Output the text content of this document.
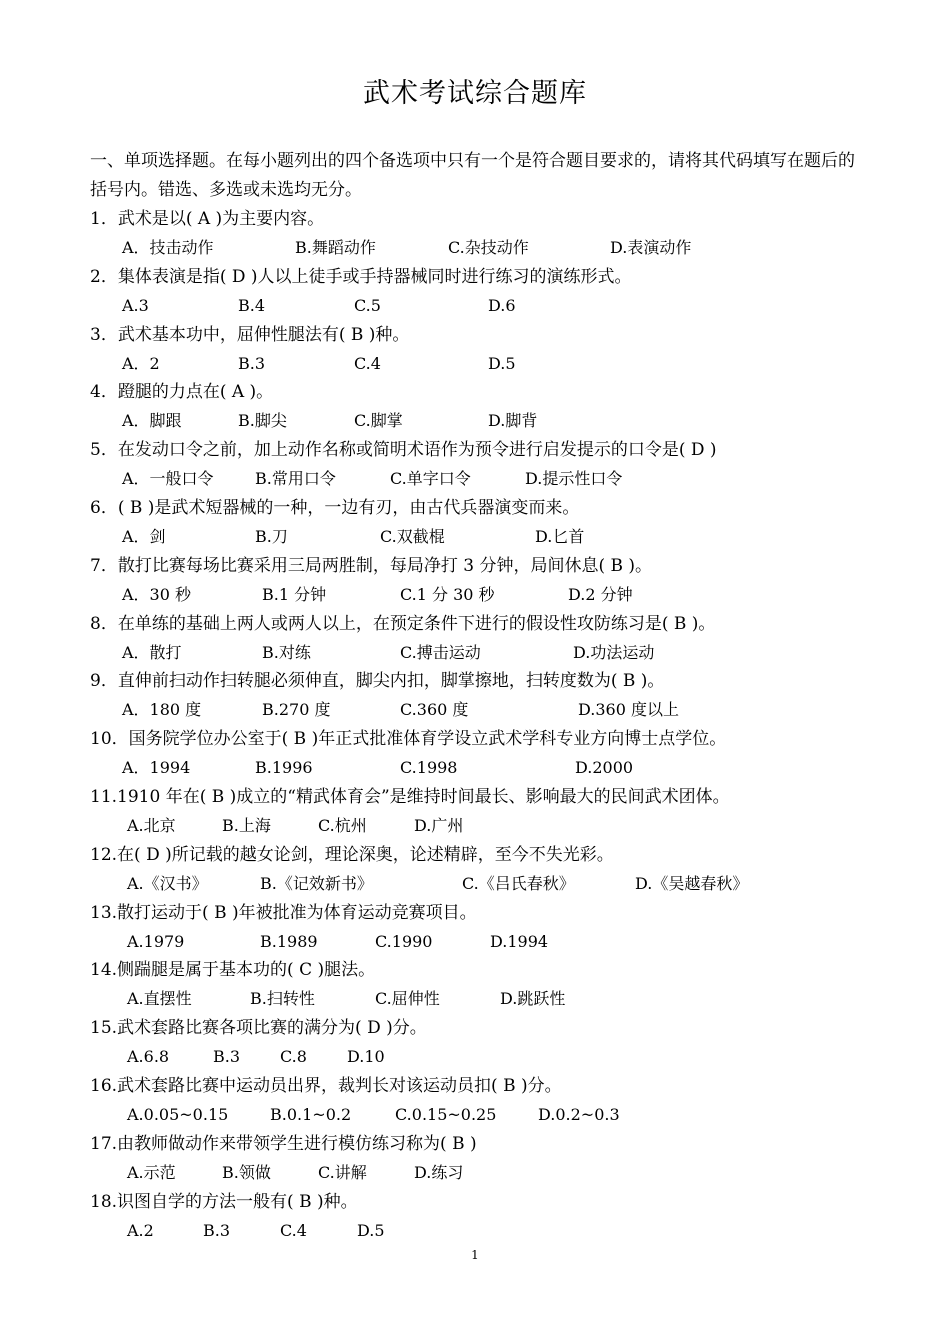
武术考试综合题库
一、单项选择题。在每小题列出的四个备选项中只有一个是符合题目要求的，请将其代码填写在题后的括号内。错选、多选或未选均无分。
1．武术是以( A )为主要内容。
A．技击动作	B.舞蹈动作	C.杂技动作	D.表演动作
2．集体表演是指( D )人以上徒手或手持器械同时进行练习的演练形式。
A.3	B.4	C.5	D.6
3．武术基本功中，屈伸性腿法有( B )种。
A．2	B.3	C.4	D.5
4．蹬腿的力点在( A )。
A．脚跟	B.脚尖	C.脚掌	D.脚背
5．在发动口令之前，加上动作名称或简明术语作为预令进行启发提示的口令是( D )
A．一般口令	B.常用口令	C.单字口令	D.提示性口令
6．( B )是武术短器械的一种，一边有刃，由古代兵器演变而来。
A．剑	B.刀	C.双截棍	D.匕首
7．散打比赛每场比赛采用三局两胜制，每局净打 3 分钟，局间休息( B )。
A．30 秒	B.1 分钟	C.1 分 30 秒	D.2 分钟
8．在单练的基础上两人或两人以上，在预定条件下进行的假设性攻防练习是( B )。
A．散打	B.对练	C.搏击运动	D.功法运动
9．直伸前扫动作扫转腿必须伸直，脚尖内扣，脚掌擦地，扫转度数为( B )。
A．180 度	B.270 度	C.360 度	D.360 度以上
10．国务院学位办公室于( B )年正式批准体育学设立武术学科专业方向博士点学位。
A．1994	B.1996	C.1998	D.2000
11.1910 年在( B )成立的“精武体育会”是维持时间最长、影响最大的民间武术团体。
A.北京	B.上海	C.杭州	D.广州
12.在( D )所记载的越女论剑，理论深奥，论述精辟，至今不失光彩。
A.《汉书》	B.《记效新书》	C.《吕氏春秋》	D.《吴越春秋》
13.散打运动于( B )年被批准为体育运动竞赛项目。
A.1979	B.1989	C.1990	D.1994
14.侧踹腿是属于基本功的( C )腿法。
A.直摆性	B.扫转性	C.屈伸性	D.跳跃性
15.武术套路比赛各项比赛的满分为( D )分。
A.6.8	B.3 C.8	D.10
16.武术套路比赛中运动员出界，裁判长对该运动员扣( B )分。
A.0.05~0.15	B.0.1~0.2	C.0.15~0.25	D.0.2~0.3
17.由教师做动作来带领学生进行模仿练习称为( B )
A.示范	B.领做	C.讲解	D.练习
18.识图自学的方法一般有( B )种。
A.2	B.3	C.4	D.5
1
